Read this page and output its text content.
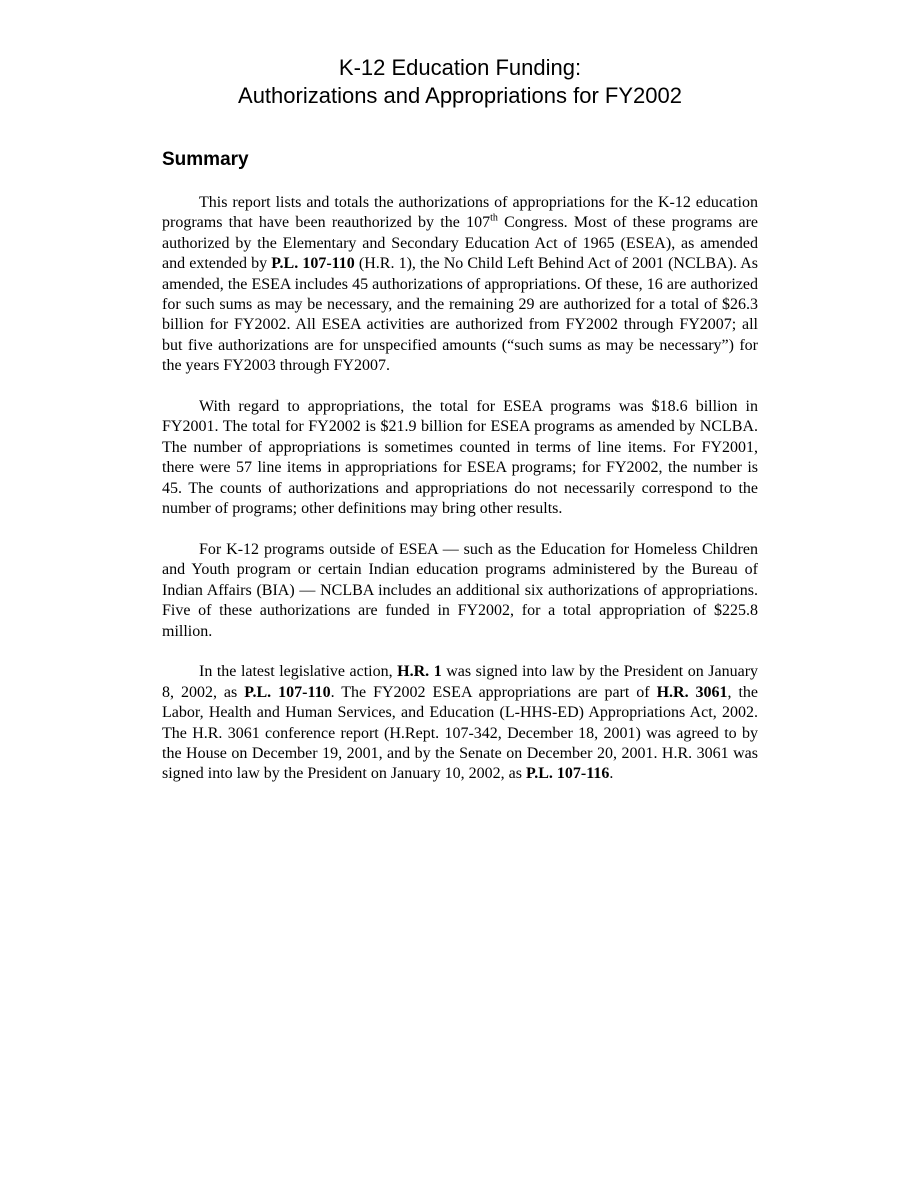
K-12 Education Funding:
Authorizations and Appropriations for FY2002
Summary

This report lists and totals the authorizations of appropriations for the K-12 education programs that have been reauthorized by the 107th Congress. Most of these programs are authorized by the Elementary and Secondary Education Act of 1965 (ESEA), as amended and extended by P.L. 107-110 (H.R. 1), the No Child Left Behind Act of 2001 (NCLBA). As amended, the ESEA includes 45 authorizations of appropriations. Of these, 16 are authorized for such sums as may be necessary, and the remaining 29 are authorized for a total of $26.3 billion for FY2002. All ESEA activities are authorized from FY2002 through FY2007; all but five authorizations are for unspecified amounts (“such sums as may be necessary”) for the years FY2003 through FY2007.

With regard to appropriations, the total for ESEA programs was $18.6 billion in FY2001. The total for FY2002 is $21.9 billion for ESEA programs as amended by NCLBA. The number of appropriations is sometimes counted in terms of line items. For FY2001, there were 57 line items in appropriations for ESEA programs; for FY2002, the number is 45. The counts of authorizations and appropriations do not necessarily correspond to the number of programs; other definitions may bring other results.

For K-12 programs outside of ESEA — such as the Education for Homeless Children and Youth program or certain Indian education programs administered by the Bureau of Indian Affairs (BIA) — NCLBA includes an additional six authorizations of appropriations. Five of these authorizations are funded in FY2002, for a total appropriation of $225.8 million.

In the latest legislative action, H.R. 1 was signed into law by the President on January 8, 2002, as P.L. 107-110. The FY2002 ESEA appropriations are part of H.R. 3061, the Labor, Health and Human Services, and Education (L-HHS-ED) Appropriations Act, 2002. The H.R. 3061 conference report (H.Rept. 107-342, December 18, 2001) was agreed to by the House on December 19, 2001, and by the Senate on December 20, 2001. H.R. 3061 was signed into law by the President on January 10, 2002, as P.L. 107-116.
